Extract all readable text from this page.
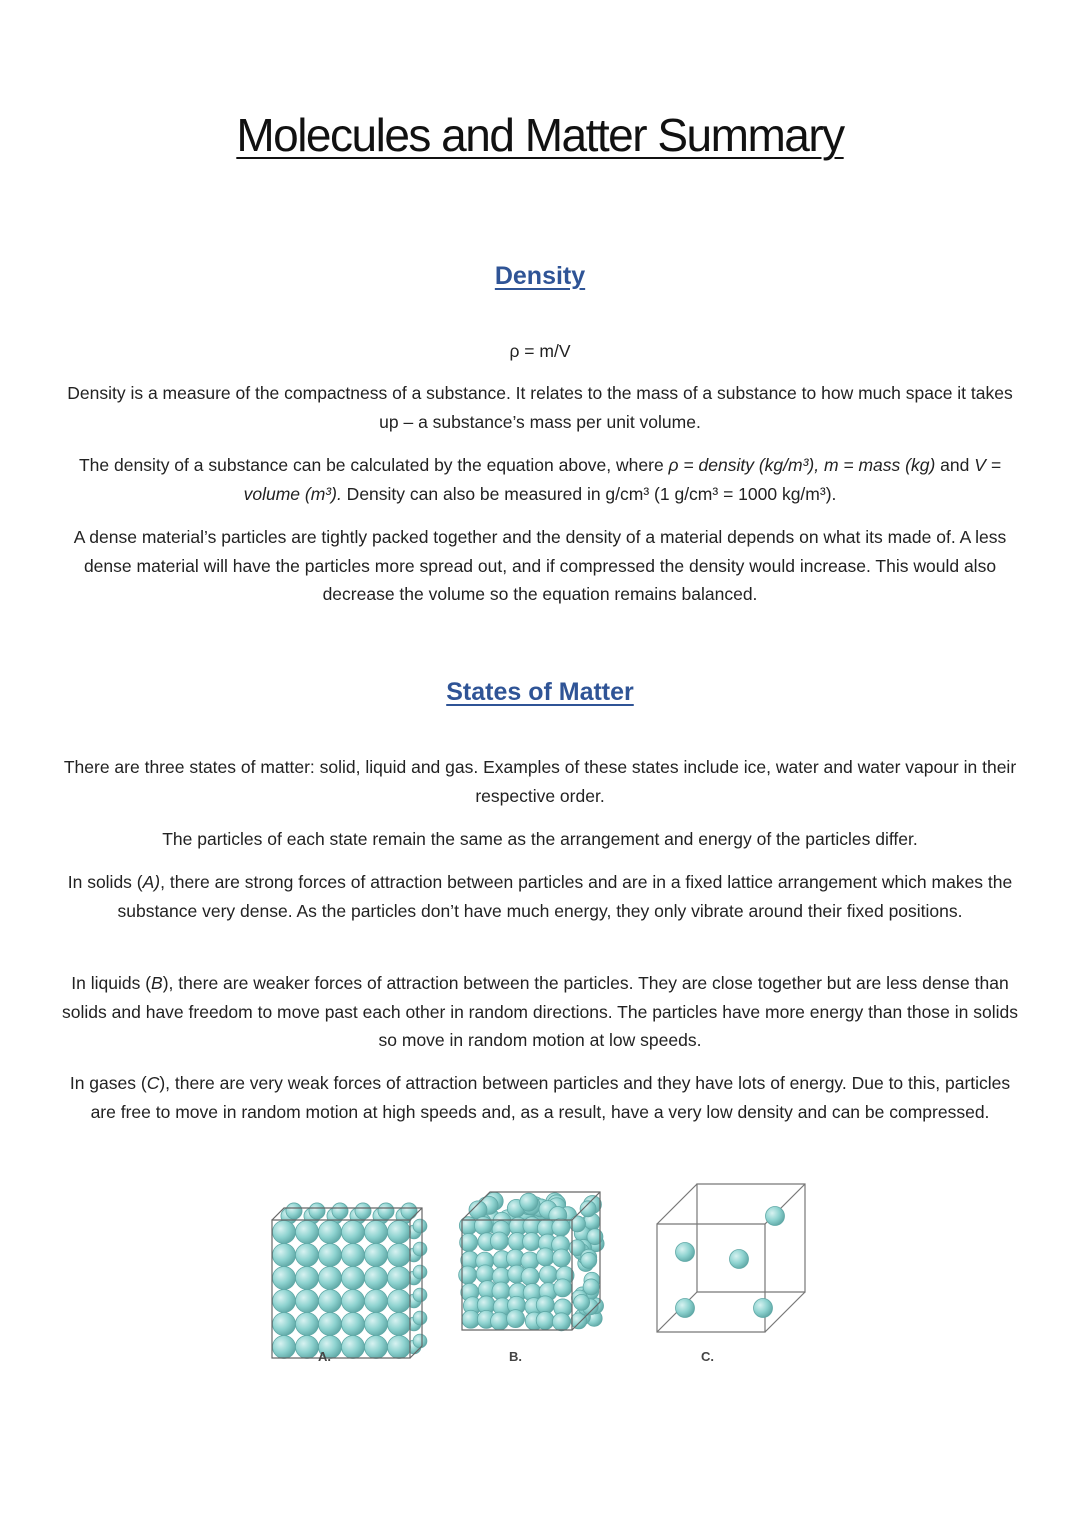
Molecules and Matter Summary
Density

ρ = m/V

Density is a measure of the compactness of a substance. It relates to the mass of a substance to how much space it takes up – a substance’s mass per unit volume.

The density of a substance can be calculated by the equation above, where ρ = density (kg/m³), m = mass (kg) and V = volume (m³). Density can also be measured in g/cm³ (1 g/cm³ = 1000 kg/m³).

A dense material’s particles are tightly packed together and the density of a material depends on what its made of. A less dense material will have the particles more spread out, and if compressed the density would increase. This would also decrease the volume so the equation remains balanced.

States of Matter

There are three states of matter: solid, liquid and gas. Examples of these states include ice, water and water vapour in their respective order.

The particles of each state remain the same as the arrangement and energy of the particles differ.

In solids (A), there are strong forces of attraction between particles and are in a fixed lattice arrangement which makes the substance very dense. As the particles don’t have much energy, they only vibrate around their fixed positions.

In liquids (B), there are weaker forces of attraction between the particles. They are close together but are less dense than solids and have freedom to move past each other in random directions. The particles have more energy than those in solids so move in random motion at low speeds.

In gases (C), there are very weak forces of attraction between particles and they have lots of energy. Due to this, particles are free to move in random motion at high speeds and, as a result, have a very low density and can be compressed.

A.	B.	C.
